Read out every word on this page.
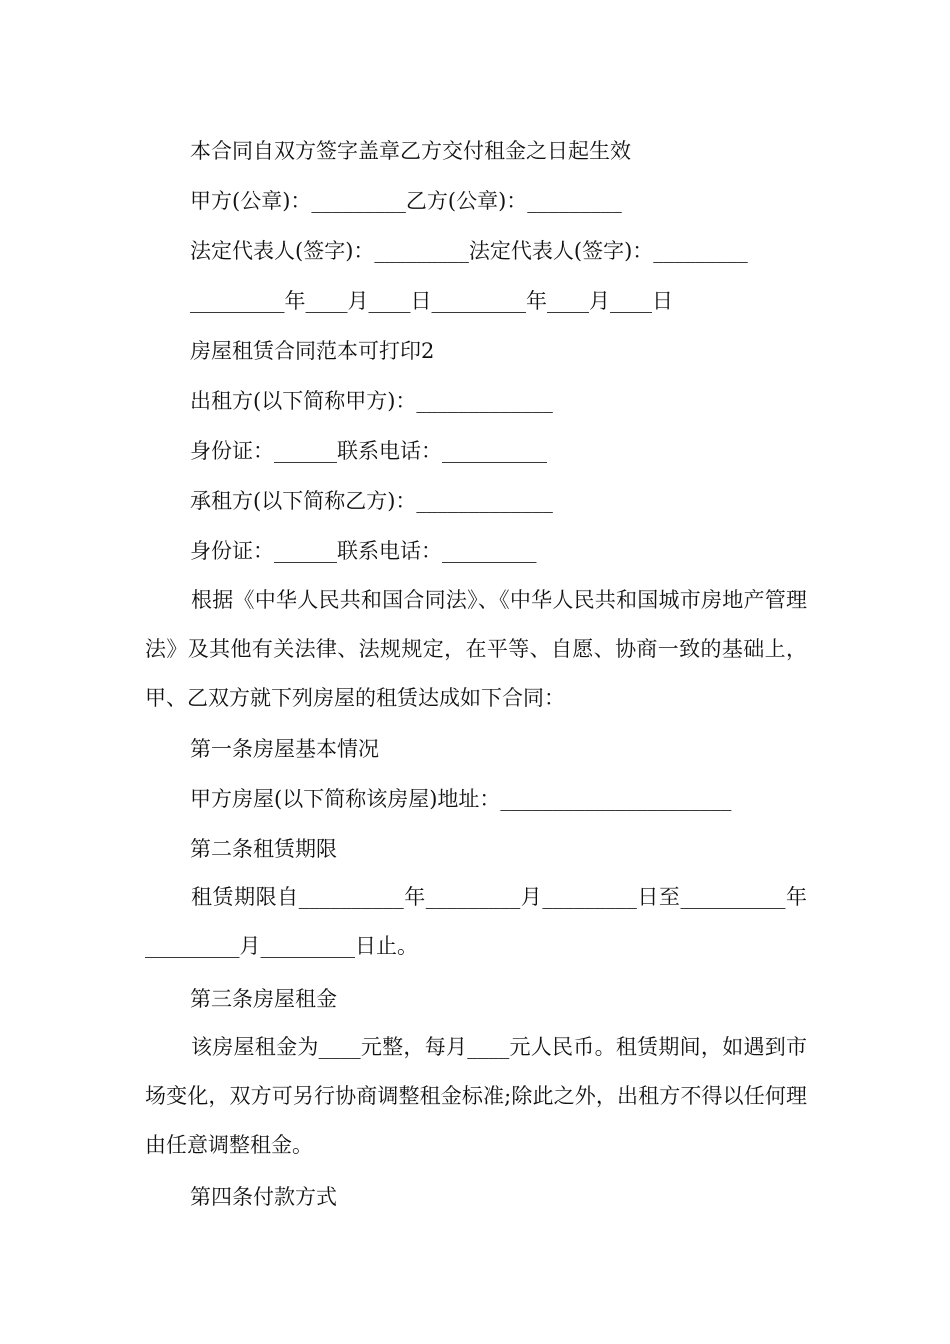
本合同自双方签字盖章乙方交付租金之日起生效
甲方(公章)：_________乙方(公章)：_________
法定代表人(签字)：_________法定代表人(签字)：_________
_________年____月____日_________年____月____日
房屋租赁合同范本可打印2
出租方(以下简称甲方)：_____________
身份证：______联系电话：__________
承租方(以下简称乙方)：_____________
身份证：______联系电话：_________
根据《中华人民共和国合同法》、《中华人民共和国城市房地产管理法》及其他有关法律、法规规定，在平等、自愿、协商一致的基础上，甲、乙双方就下列房屋的租赁达成如下合同：
第一条房屋基本情况
甲方房屋(以下简称该房屋)地址：______________________
第二条租赁期限
租赁期限自__________年_________月_________日至__________年_________月_________日止。
第三条房屋租金
该房屋租金为____元整，每月____元人民币。租赁期间，如遇到市场变化，双方可另行协商调整租金标准;除此之外，出租方不得以任何理由任意调整租金。
第四条付款方式
